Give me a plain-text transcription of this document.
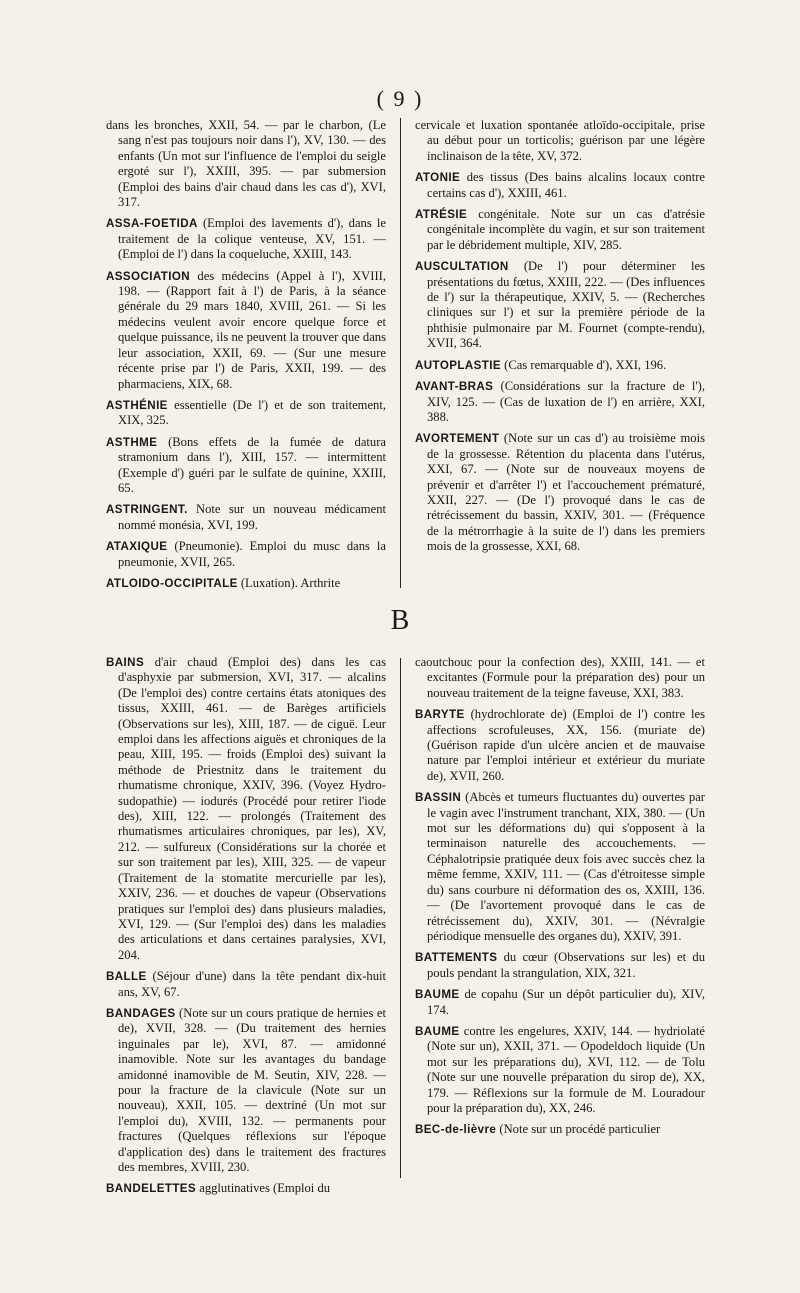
( 9 )

dans les bronches, XXII, 54. — par le charbon, (Le sang n'est pas toujours noir dans l'), XV, 130. — des enfants (Un mot sur l'influence de l'emploi du seigle ergoté sur l'), XXIII, 395. — par submersion (Emploi des bains d'air chaud dans les cas d'), XVI, 317.

ASSA-FOETIDA (Emploi des lavements d'), dans le traitement de la colique venteuse, XV, 151. — (Emploi de l') dans la coqueluche, XXIII, 143.

ASSOCIATION des médecins (Appel à l'), XVIII, 198. — (Rapport fait à l') de Paris, à la séance générale du 29 mars 1840, XVIII, 261. — Si les médecins veulent avoir encore quelque force et quelque puissance, ils ne peuvent la trouver que dans leur association, XXII, 69. — (Sur une mesure récente prise par l') de Paris, XXII, 199. — des pharmaciens, XIX, 68.

ASTHÉNIE essentielle (De l') et de son traitement, XIX, 325.

ASTHME (Bons effets de la fumée de datura stramonium dans l'), XIII, 157. — intermittent (Exemple d') guéri par le sulfate de quinine, XXIII, 65.

ASTRINGENT. Note sur un nouveau médicament nommé monésia, XVI, 199.

ATAXIQUE (Pneumonie). Emploi du musc dans la pneumonie, XVII, 265.

ATLOIDO-OCCIPITALE (Luxation). Arthrite

cervicale et luxation spontanée atloïdo-occipitale, prise au début pour un torticolis; guérison par une légère inclinaison de la tête, XV, 372.

ATONIE des tissus (Des bains alcalins locaux contre certains cas d'), XXIII, 461.

ATRÉSIE congénitale. Note sur un cas d'atrésie congénitale incomplète du vagin, et sur son traitement par le débridement multiple, XIV, 285.

AUSCULTATION (De l') pour déterminer les présentations du fœtus, XXIII, 222. — (Des influences de l') sur la thérapeutique, XXIV, 5. — (Recherches cliniques sur l') et sur la première période de la phthisie pulmonaire par M. Fournet (compte-rendu), XVII, 364.

AUTOPLASTIE (Cas remarquable d'), XXI, 196.

AVANT-BRAS (Considérations sur la fracture de l'), XIV, 125. — (Cas de luxation de l') en arrière, XXI, 388.

AVORTEMENT (Note sur un cas d') au troisième mois de la grossesse. Rétention du placenta dans l'utérus, XXI, 67. — (Note sur de nouveaux moyens de prévenir et d'arrêter l') et l'accouchement prématuré, XXII, 227. — (De l') provoqué dans le cas de rétrécissement du bassin, XXIV, 301. — (Fréquence de la métrorrhagie à la suite de l') dans les premiers mois de la grossesse, XXI, 68.

B

BAINS d'air chaud (Emploi des) dans les cas d'asphyxie par submersion, XVI, 317. — alcalins (De l'emploi des) contre certains états atoniques des tissus, XXIII, 461. — de Barèges artificiels (Observations sur les), XIII, 187. — de ciguë. Leur emploi dans les affections aiguës et chroniques de la peau, XIII, 195. — froids (Emploi des) suivant la méthode de Priestnitz dans le traitement du rhumatisme chronique, XXIV, 396. (Voyez Hydro-sudopathie) — iodurés (Procédé pour retirer l'iode des), XIII, 122. — prolongés (Traitement des rhumatismes articulaires chroniques, par les), XV, 212. — sulfureux (Considérations sur la chorée et sur son traitement par les), XIII, 325. — de vapeur (Traitement de la stomatite mercurielle par les), XXIV, 236. — et douches de vapeur (Observations pratiques sur l'emploi des) dans plusieurs maladies, XVI, 129. — (Sur l'emploi des) dans les maladies des articulations et dans certaines paralysies, XVI, 204.

BALLE (Séjour d'une) dans la tête pendant dix-huit ans, XV, 67.

BANDAGES (Note sur un cours pratique de hernies et de), XVII, 328. — (Du traitement des hernies inguinales par le), XVI, 87. — amidonné inamovible. Note sur les avantages du bandage amidonné inamovible de M. Seutin, XIV, 228. — pour la fracture de la clavicule (Note sur un nouveau), XXII, 105. — dextriné (Un mot sur l'emploi du), XVIII, 132. — permanents pour fractures (Quelques réflexions sur l'époque d'application des) dans le traitement des fractures des membres, XVIII, 230.

BANDELETTES agglutinatives (Emploi du

caoutchouc pour la confection des), XXIII, 141. — et excitantes (Formule pour la préparation des) pour un nouveau traitement de la teigne faveuse, XXI, 383.

BARYTE (hydrochlorate de) (Emploi de l') contre les affections scrofuleuses, XX, 156. (muriate de) (Guérison rapide d'un ulcère ancien et de mauvaise nature par l'emploi intérieur et extérieur du muriate de), XVII, 260.

BASSIN (Abcès et tumeurs fluctuantes du) ouvertes par le vagin avec l'instrument tranchant, XIX, 380. — (Un mot sur les déformations du) qui s'opposent à la terminaison naturelle des accouchements. — Céphalotripsie pratiquée deux fois avec succès chez la même femme, XXIV, 111. — (Cas d'étroitesse simple du) sans courbure ni déformation des os, XXIII, 136. — (De l'avortement provoqué dans le cas de rétrécissement du), XXIV, 301. — (Névralgie périodique mensuelle des organes du), XXIV, 391.

BATTEMENTS du cœur (Observations sur les) et du pouls pendant la strangulation, XIX, 321.

BAUME de copahu (Sur un dépôt particulier du), XIV, 174.

BAUME contre les engelures, XXIV, 144. — hydriolaté (Note sur un), XXII, 371. — Opodeldoch liquide (Un mot sur les préparations du), XVI, 112. — de Tolu (Note sur une nouvelle préparation du sirop de), XX, 179. — Réflexions sur la formule de M. Louradour pour la préparation du), XX, 246.

BEC-de-lièvre (Note sur un procédé particulier
